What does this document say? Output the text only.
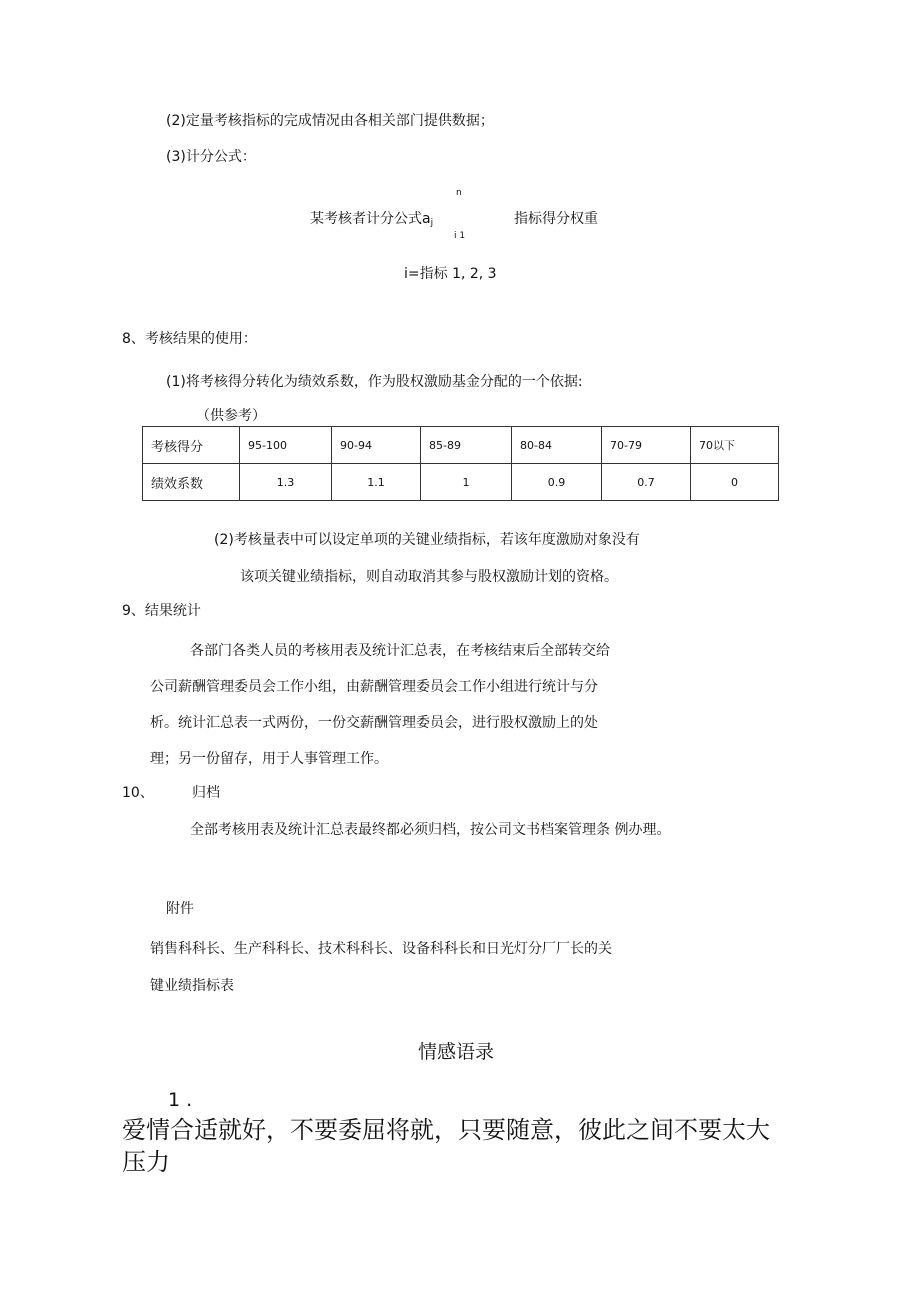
(2)定量考核指标的完成情况由各相关部门提供数据；
(3)计分公式：
n
某考核者计分公式aj
i 1
指标得分权重
i=指标 1, 2, 3
8、考核结果的使用：
(1)将考核得分转化为绩效系数，作为股权激励基金分配的一个依据:
（供参考）
考核得分	95-100	90-94	85-89	80-84	70-79	70以下
绩效系数	1.3	1.1	1	0.9	0.7	0
(2)考核量表中可以设定单项的关键业绩指标，若该年度激励对象没有
该项关键业绩指标，则自动取消其参与股权激励计划的资格。
9、结果统计
各部门各类人员的考核用表及统计汇总表，在考核结束后全部转交给
公司薪酬管理委员会工作小组，由薪酬管理委员会工作小组进行统计与分
析。统计汇总表一式两份，一份交薪酬管理委员会，进行股权激励上的处
理；另一份留存，用于人事管理工作。
10、	归档
全部考核用表及统计汇总表最终都必须归档，按公司文书档案管理条 例办理。
附件
销售科科长、生产科科长、技术科科长、设备科科长和日光灯分厂厂长的关
键业绩指标表
情感语录
1 .
爱情合适就好，不要委屈将就，只要随意，彼此之间不要太大
压力
